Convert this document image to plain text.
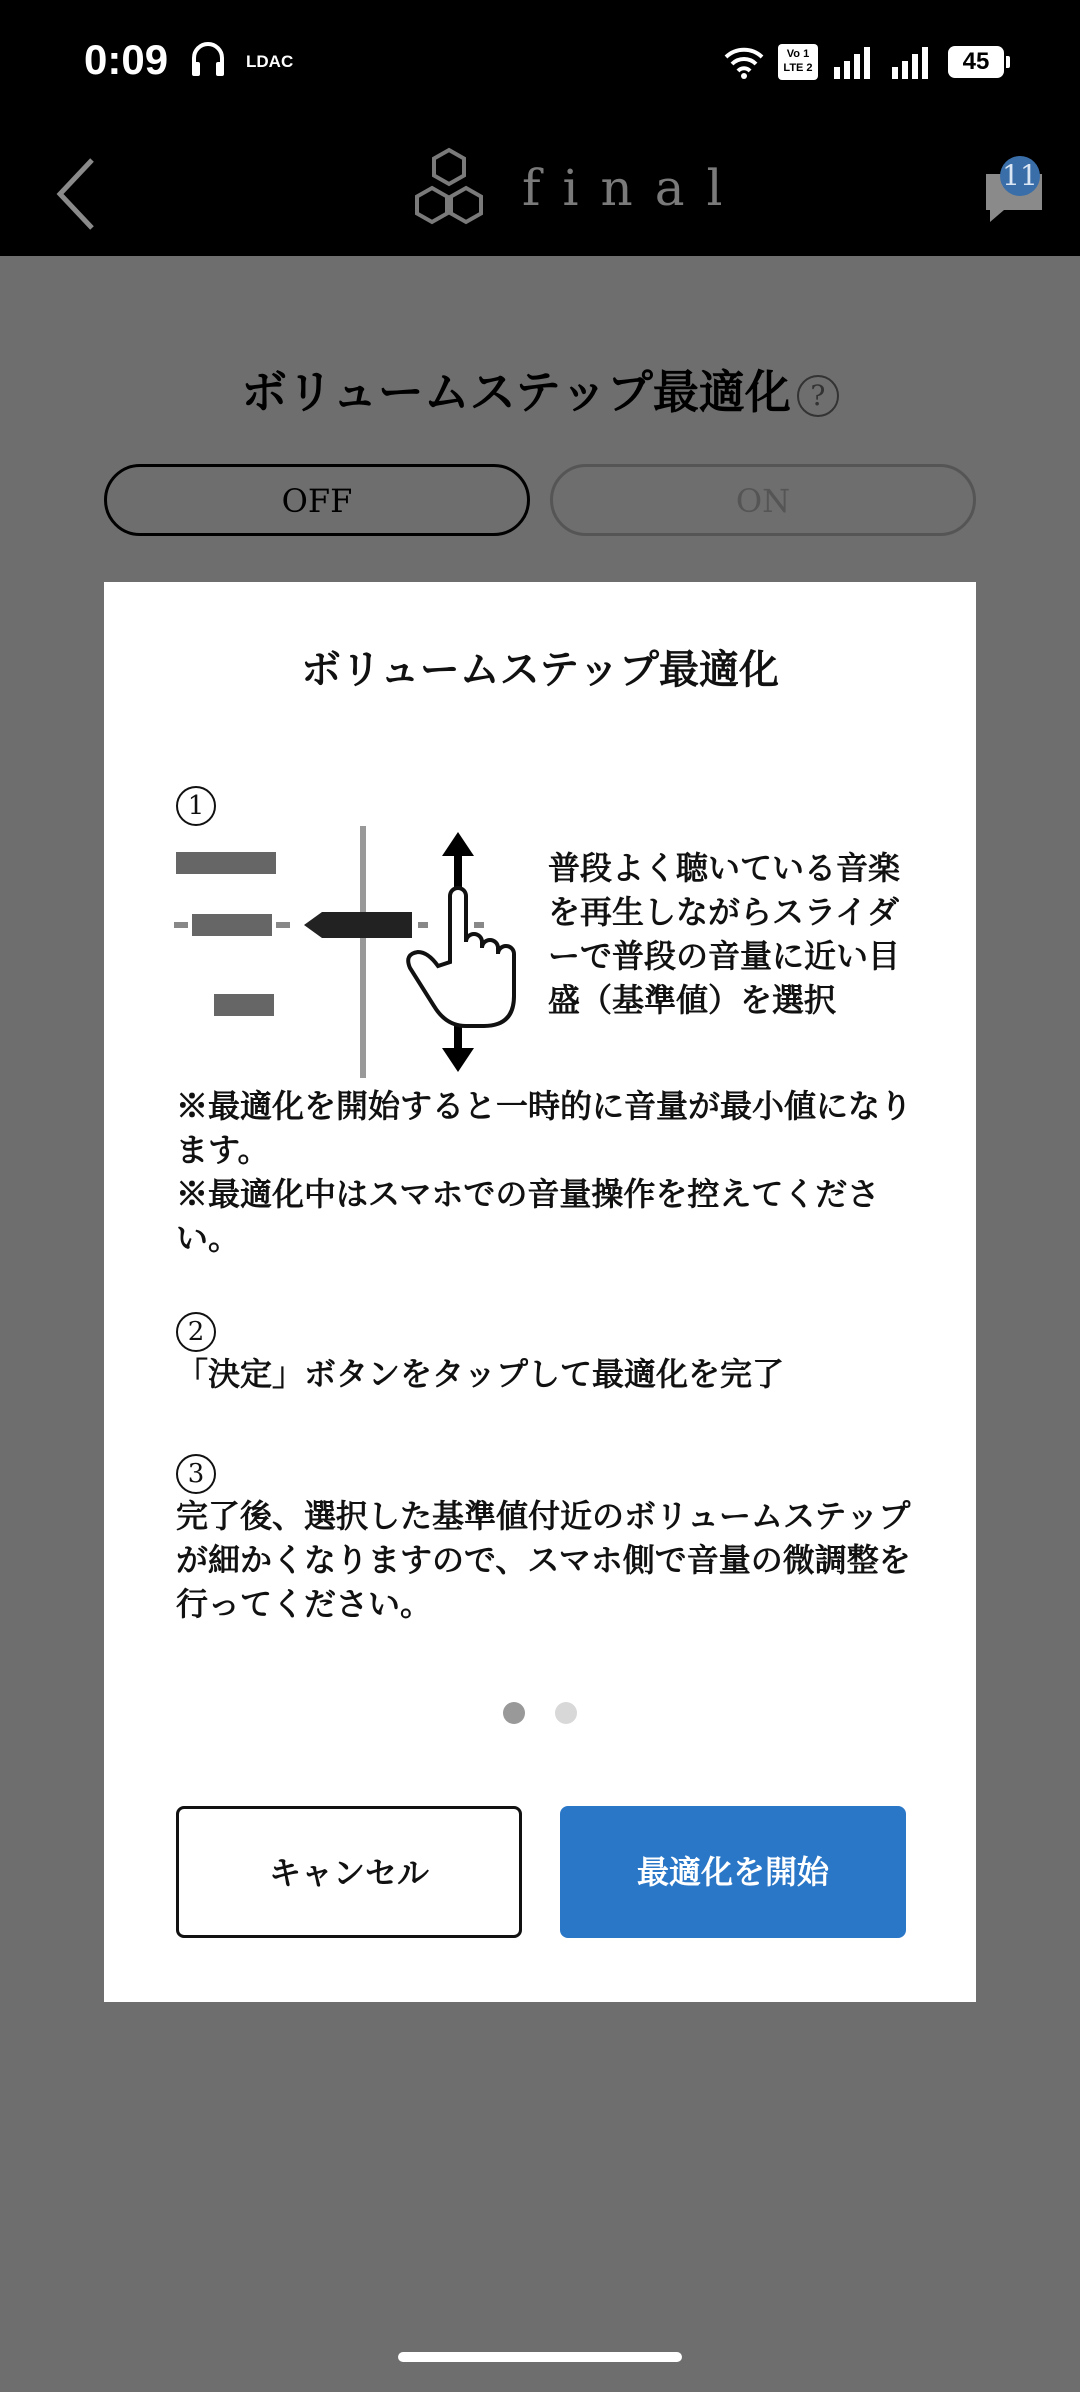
0:09	LDAC	Vo 1
LTE 2	45
final	11
ボリュームステップ最適化 ?
OFF	ON
ボリュームステップ最適化
1
普段よく聴いている音楽を再生しながらスライダーで普段の音量に近い目盛（基準値）を選択

※最適化を開始すると一時的に音量が最小値になります。

※最適化中はスマホでの音量操作を控えてください。

2
「決定」ボタンをタップして最適化を完了
3
完了後、選択した基準値付近のボリュームステップが細かくなりますので、スマホ側で音量の微調整を行ってください。
キャンセル	最適化を開始
